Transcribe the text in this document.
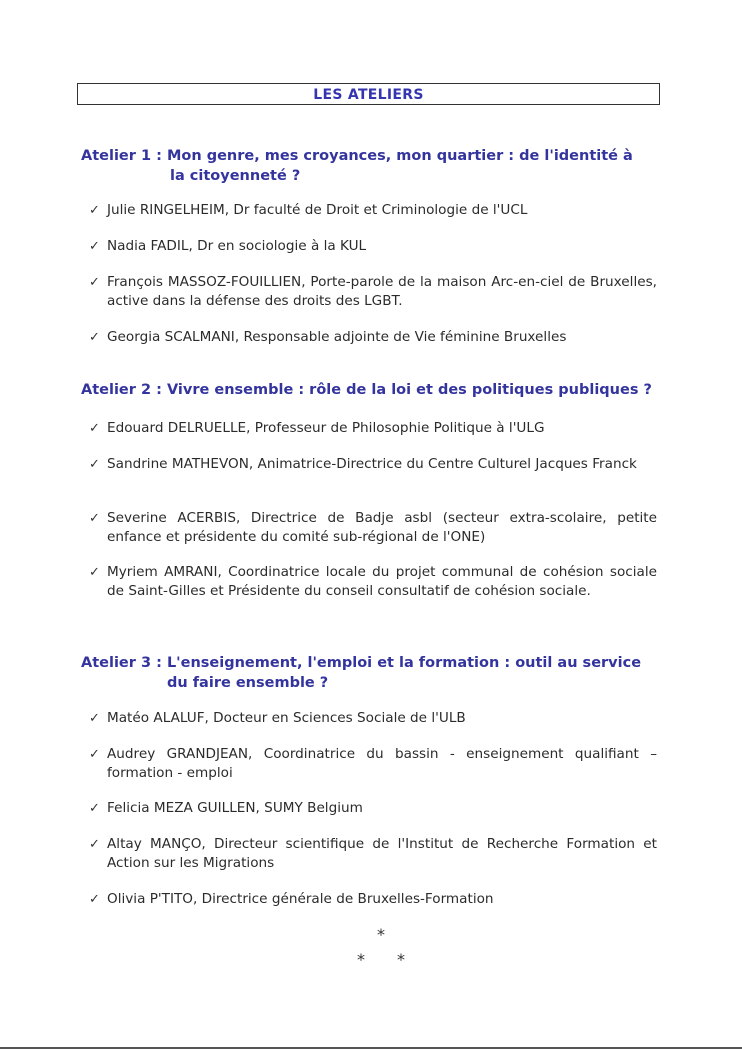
LES ATELIERS
Atelier 1 : Mon genre, mes croyances, mon quartier : de l'identité à
la citoyenneté ?
✓ Julie RINGELHEIM, Dr faculté de Droit et Criminologie de l'UCL
✓ Nadia FADIL, Dr en sociologie à la KUL
✓ François MASSOZ-FOUILLIEN, Porte-parole de la maison Arc-en-ciel de Bruxelles, active dans la défense des droits des LGBT.
✓ Georgia SCALMANI, Responsable adjointe de Vie féminine Bruxelles
Atelier 2 : Vivre ensemble : rôle de la loi et des politiques publiques ?
✓ Edouard DELRUELLE, Professeur de Philosophie Politique à l'ULG
✓ Sandrine MATHEVON, Animatrice-Directrice du Centre Culturel Jacques Franck
✓ Severine ACERBIS, Directrice de Badje asbl (secteur extra-scolaire, petite enfance et présidente du comité sub-régional de l'ONE)
✓ Myriem AMRANI, Coordinatrice locale du projet communal de cohésion sociale de Saint-Gilles et Présidente du conseil consultatif de cohésion sociale.
Atelier 3 : L'enseignement, l'emploi et la formation : outil au service
du faire ensemble ?
✓ Matéo ALALUF, Docteur en Sciences Sociale de l'ULB
✓ Audrey GRANDJEAN, Coordinatrice du bassin - enseignement qualifiant – formation - emploi
✓ Felicia MEZA GUILLEN, SUMY Belgium
✓ Altay MANÇO, Directeur scientifique de l'Institut de Recherche Formation et Action sur les Migrations
✓ Olivia P'TITO, Directrice générale de Bruxelles-Formation
*
* *
